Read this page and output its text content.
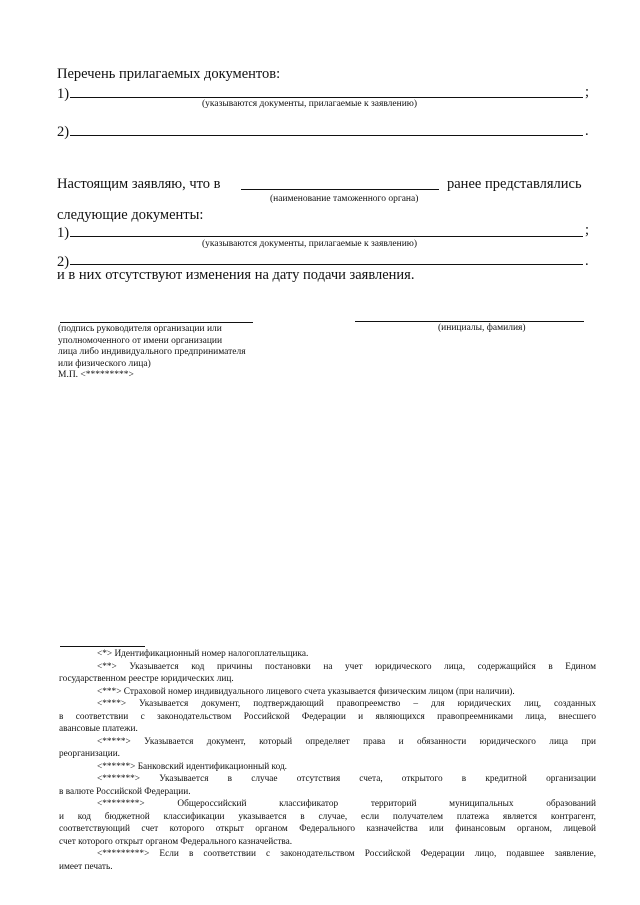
Перечень прилагаемых документов:
1)	;
(указываются документы, прилагаемые к заявлению)
2)	.
Настоящим заявляю, что в	ранее представлялись
(наименование таможенного органа)
следующие документы:
1)	;
(указываются документы, прилагаемые к заявлению)
2)	.
и в них отсутствуют изменения на дату подачи заявления.
(подпись руководителя организации или
уполномоченного от имени организации
лица либо индивидуального предпринимателя
или физического лица)
М.П. <*********>
(инициалы, фамилия)
<*> Идентификационный номер налогоплательщика.
<**> Указывается код причины постановки на учет юридического лица, содержащийся в Едином
государственном реестре юридических лиц.
<***> Страховой номер индивидуального лицевого счета указывается физическим лицом (при наличии).
<****> Указывается документ, подтверждающий правопреемство – для юридических лиц, созданных
в соответствии с законодательством Российской Федерации и являющихся правопреемниками лица, внесшего
авансовые платежи.
<*****> Указывается документ, который определяет права и обязанности юридического лица при
реорганизации.
<******> Банковский идентификационный код.
<*******> Указывается в случае отсутствия счета, открытого в кредитной организации
в валюте Российской Федерации.
<********> Общероссийский классификатор территорий муниципальных образований
и код бюджетной классификации указывается в случае, если получателем платежа является контрагент,
соответствующий счет которого открыт органом Федерального казначейства или финансовым органом, лицевой
счет которого открыт органом Федерального казначейства.
<*********> Если в соответствии с законодательством Российской Федерации лицо, подавшее заявление,
имеет печать.
